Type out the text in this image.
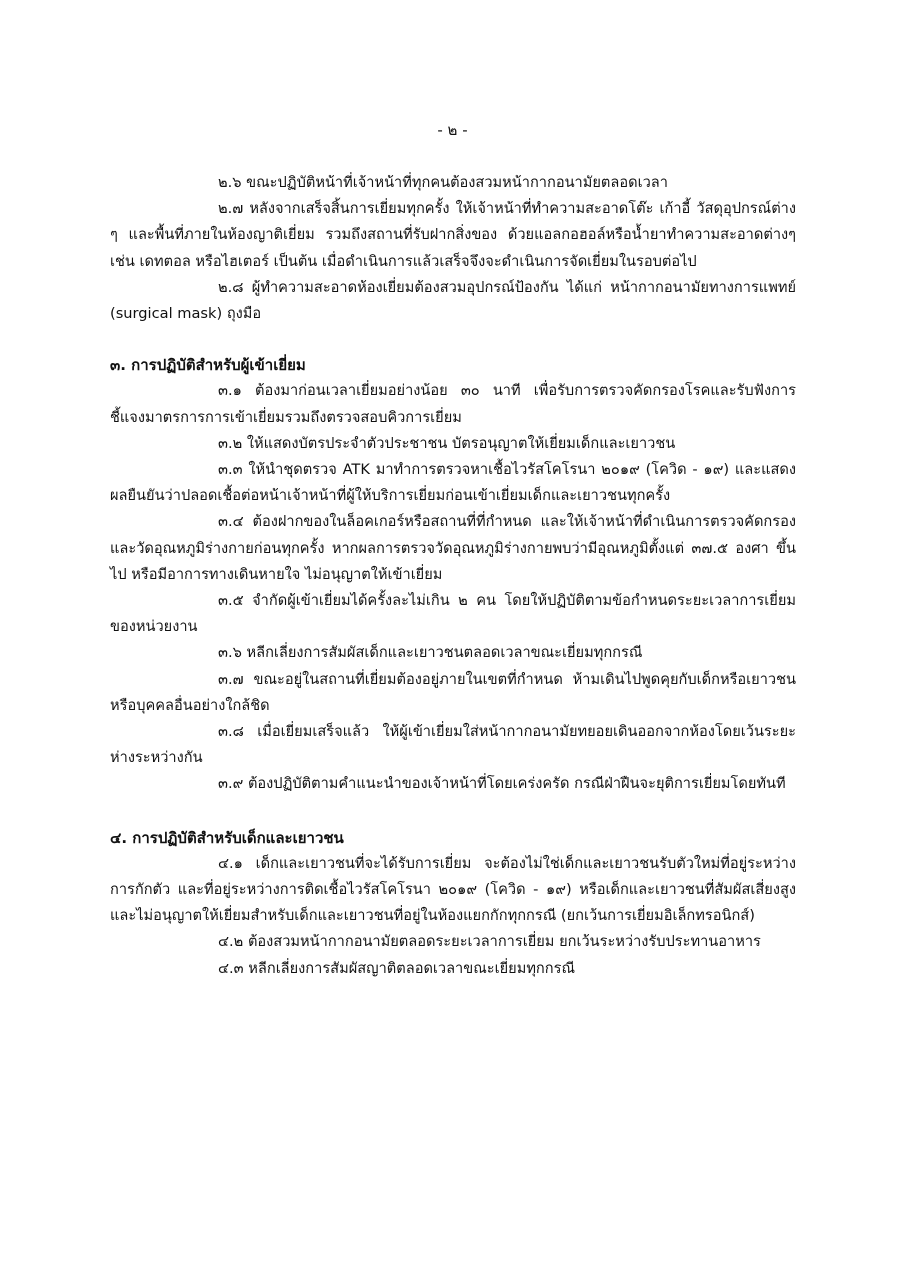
- ๒ -

๒.๖ ขณะปฏิบัติหน้าที่เจ้าหน้าที่ทุกคนต้องสวมหน้ากากอนามัยตลอดเวลา

๒.๗ หลังจากเสร็จสิ้นการเยี่ยมทุกครั้ง ให้เจ้าหน้าที่ทำความสะอาดโต๊ะ เก้าอี้ วัสดุอุปกรณ์ต่าง ๆ และพื้นที่ภายในห้องญาติเยี่ยม รวมถึงสถานที่รับฝากสิ่งของ ด้วยแอลกอฮอล์หรือน้ำยาทำความสะอาดต่างๆ เช่น เดทตอล หรือไฮเตอร์ เป็นต้น เมื่อดำเนินการแล้วเสร็จจึงจะดำเนินการจัดเยี่ยมในรอบต่อไป

๒.๘ ผู้ทำความสะอาดห้องเยี่ยมต้องสวมอุปกรณ์ป้องกัน ได้แก่ หน้ากากอนามัยทางการแพทย์ (surgical mask) ถุงมือ

๓. การปฏิบัติสำหรับผู้เข้าเยี่ยม

๓.๑ ต้องมาก่อนเวลาเยี่ยมอย่างน้อย ๓๐ นาที เพื่อรับการตรวจคัดกรองโรคและรับฟังการชี้แจงมาตรการการเข้าเยี่ยมรวมถึงตรวจสอบคิวการเยี่ยม

๓.๒ ให้แสดงบัตรประจำตัวประชาชน บัตรอนุญาตให้เยี่ยมเด็กและเยาวชน

๓.๓ ให้นำชุดตรวจ ATK มาทำการตรวจหาเชื้อไวรัสโคโรนา ๒๐๑๙ (โควิด - ๑๙) และแสดงผลยืนยันว่าปลอดเชื้อต่อหน้าเจ้าหน้าที่ผู้ให้บริการเยี่ยมก่อนเข้าเยี่ยมเด็กและเยาวชนทุกครั้ง

๓.๔ ต้องฝากของในล็อคเกอร์หรือสถานที่ที่กำหนด และให้เจ้าหน้าที่ดำเนินการตรวจคัดกรองและวัดอุณหภูมิร่างกายก่อนทุกครั้ง หากผลการตรวจวัดอุณหภูมิร่างกายพบว่ามีอุณหภูมิตั้งแต่ ๓๗.๕ องศา ขึ้นไป หรือมีอาการทางเดินหายใจ ไม่อนุญาตให้เข้าเยี่ยม

๓.๕ จำกัดผู้เข้าเยี่ยมได้ครั้งละไม่เกิน ๒ คน โดยให้ปฏิบัติตามข้อกำหนดระยะเวลาการเยี่ยมของหน่วยงาน

๓.๖ หลีกเลี่ยงการสัมผัสเด็กและเยาวชนตลอดเวลาขณะเยี่ยมทุกกรณี

๓.๗ ขณะอยู่ในสถานที่เยี่ยมต้องอยู่ภายในเขตที่กำหนด ห้ามเดินไปพูดคุยกับเด็กหรือเยาวชนหรือบุคคลอื่นอย่างใกล้ชิด

๓.๘ เมื่อเยี่ยมเสร็จแล้ว ให้ผู้เข้าเยี่ยมใส่หน้ากากอนามัยทยอยเดินออกจากห้องโดยเว้นระยะห่างระหว่างกัน

๓.๙ ต้องปฏิบัติตามคำแนะนำของเจ้าหน้าที่โดยเคร่งครัด กรณีฝ่าฝืนจะยุติการเยี่ยมโดยทันที

๔. การปฏิบัติสำหรับเด็กและเยาวชน

๔.๑ เด็กและเยาวชนที่จะได้รับการเยี่ยม จะต้องไม่ใช่เด็กและเยาวชนรับตัวใหม่ที่อยู่ระหว่างการกักตัว และที่อยู่ระหว่างการติดเชื้อไวรัสโคโรนา ๒๐๑๙ (โควิด - ๑๙) หรือเด็กและเยาวชนที่สัมผัสเสี่ยงสูงและไม่อนุญาตให้เยี่ยมสำหรับเด็กและเยาวชนที่อยู่ในห้องแยกกักทุกกรณี (ยกเว้นการเยี่ยมอิเล็กทรอนิกส์)

๔.๒ ต้องสวมหน้ากากอนามัยตลอดระยะเวลาการเยี่ยม ยกเว้นระหว่างรับประทานอาหาร

๔.๓ หลีกเลี่ยงการสัมผัสญาติตลอดเวลาขณะเยี่ยมทุกกรณี
